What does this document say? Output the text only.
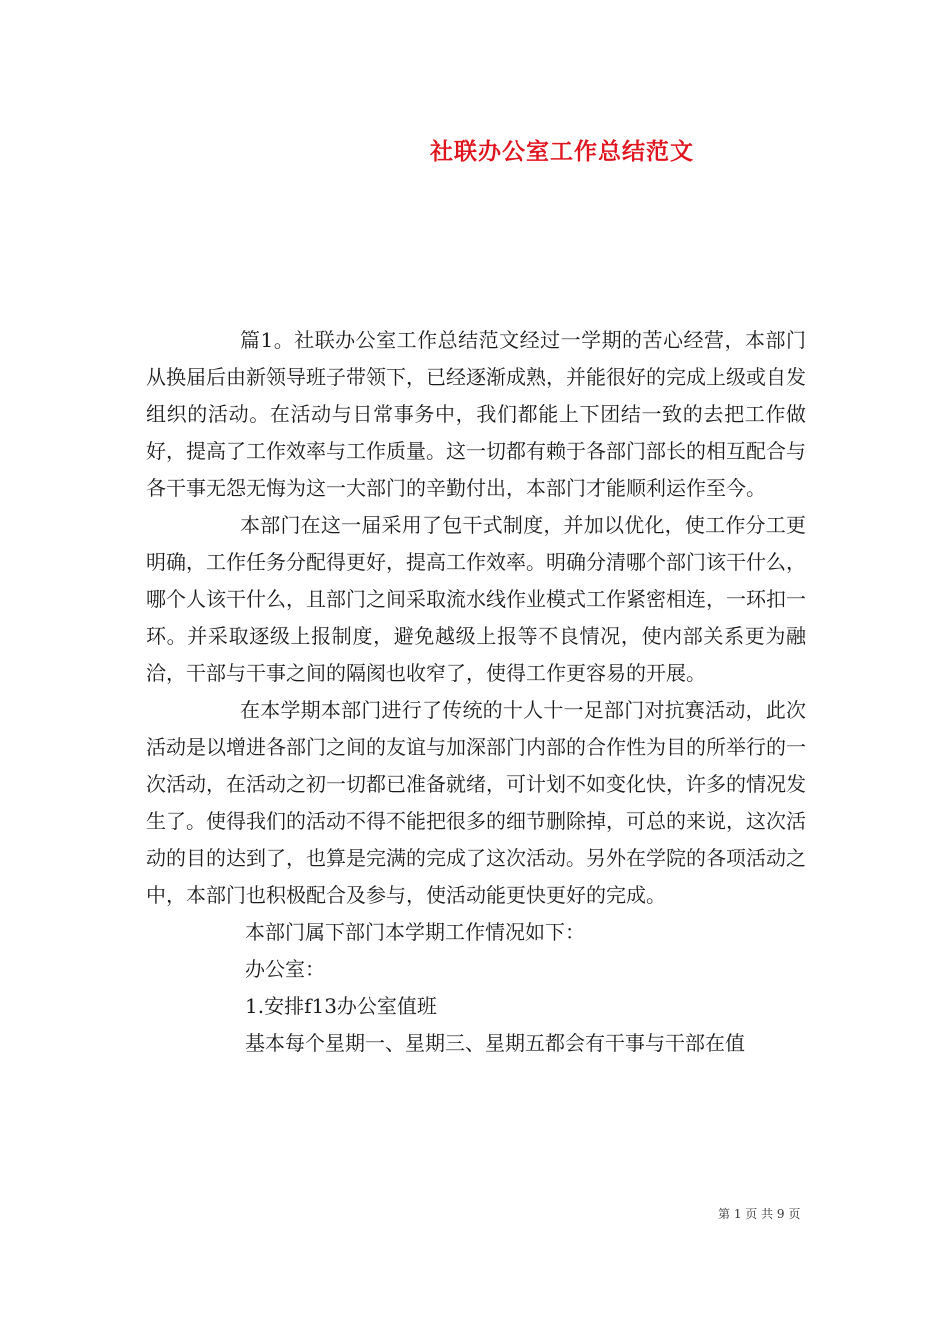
社联办公室工作总结范文

篇1。社联办公室工作总结范文经过一学期的苦心经营，本部门从换届后由新领导班子带领下，已经逐渐成熟，并能很好的完成上级或自发组织的活动。在活动与日常事务中，我们都能上下团结一致的去把工作做好，提高了工作效率与工作质量。这一切都有赖于各部门部长的相互配合与各干事无怨无悔为这一大部门的辛勤付出，本部门才能顺利运作至今。

本部门在这一届采用了包干式制度，并加以优化，使工作分工更明确，工作任务分配得更好，提高工作效率。明确分清哪个部门该干什么，哪个人该干什么，且部门之间采取流水线作业模式工作紧密相连，一环扣一环。并采取逐级上报制度，避免越级上报等不良情况，使内部关系更为融洽，干部与干事之间的隔阂也收窄了，使得工作更容易的开展。

在本学期本部门进行了传统的十人十一足部门对抗赛活动，此次活动是以增进各部门之间的友谊与加深部门内部的合作性为目的所举行的一次活动，在活动之初一切都已准备就绪，可计划不如变化快，许多的情况发生了。使得我们的活动不得不能把很多的细节删除掉，可总的来说，这次活动的目的达到了，也算是完满的完成了这次活动。另外在学院的各项活动之中，本部门也积极配合及参与，使活动能更快更好的完成。

本部门属下部门本学期工作情况如下：

办公室：

1.安排f13办公室值班

基本每个星期一、星期三、星期五都会有干事与干部在值

第 1 页 共 9 页
